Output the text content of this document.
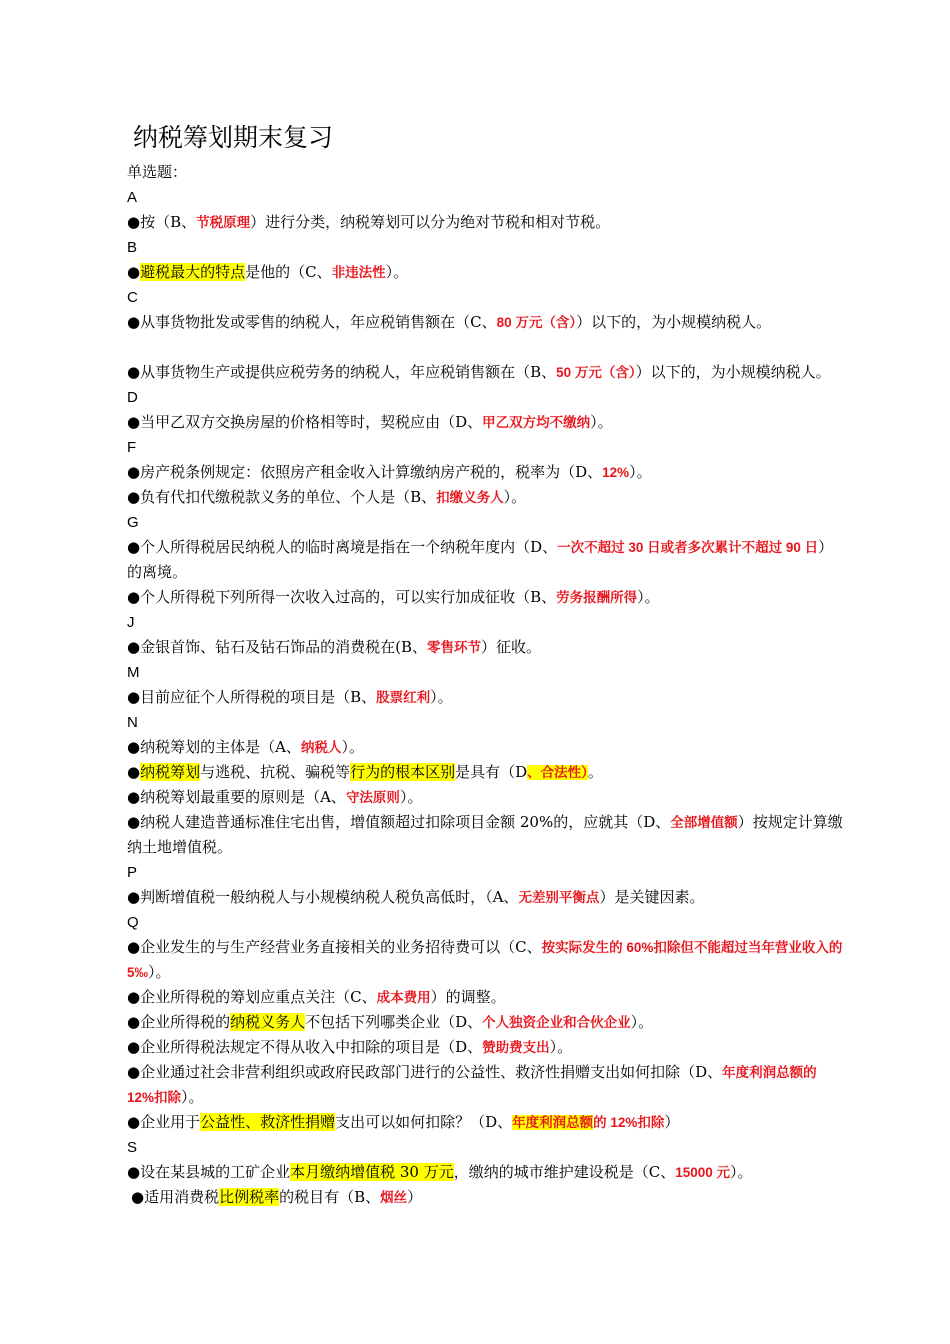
纳税筹划期末复习
单选题：
A
●按（B、节税原理）进行分类，纳税筹划可以分为绝对节税和相对节税。
B
●避税最大的特点是他的（C、非违法性）。
C
●从事货物批发或零售的纳税人，年应税销售额在（C、80 万元（含））以下的，为小规模纳税人。
●从事货物生产或提供应税劳务的纳税人，年应税销售额在（B、50 万元（含））以下的，为小规模纳税人。
D
●当甲乙双方交换房屋的价格相等时，契税应由（D、甲乙双方均不缴纳）。
F
●房产税条例规定：依照房产租金收入计算缴纳房产税的，税率为（D、12%）。
●负有代扣代缴税款义务的单位、个人是（B、扣缴义务人）。
G
●个人所得税居民纳税人的临时离境是指在一个纳税年度内（D、一次不超过 30 日或者多次累计不超过 90 日）的离境。
●个人所得税下列所得一次收入过高的，可以实行加成征收（B、劳务报酬所得）。
J
●金银首饰、钻石及钻石饰品的消费税在(B、零售环节）征收。
M
●目前应征个人所得税的项目是（B、股票红利）。
N
●纳税筹划的主体是（A、纳税人）。
●纳税筹划与逃税、抗税、骗税等行为的根本区别是具有（D、合法性）。
●纳税筹划最重要的原则是（A、守法原则）。
●纳税人建造普通标准住宅出售，增值额超过扣除项目金额 20%的，应就其（D、全部增值额）按规定计算缴纳土地增值税。
P
●判断增值税一般纳税人与小规模纳税人税负高低时，（A、无差别平衡点）是关键因素。
Q
●企业发生的与生产经营业务直接相关的业务招待费可以（C、按实际发生的 60%扣除但不能超过当年营业收入的 5‰）。
●企业所得税的筹划应重点关注（C、成本费用）的调整。
●企业所得税的纳税义务人不包括下列哪类企业（D、个人独资企业和合伙企业）。
●企业所得税法规定不得从收入中扣除的项目是（D、赞助费支出）。
●企业通过社会非营利组织或政府民政部门进行的公益性、救济性捐赠支出如何扣除（D、年度利润总额的 12%扣除）。
●企业用于公益性、救济性捐赠支出可以如何扣除？（D、年度利润总额的 12%扣除）
S
●设在某县城的工矿企业本月缴纳增值税 30 万元，缴纳的城市维护建设税是（C、15000 元）。
●适用消费税比例税率的税目有（B、烟丝）
